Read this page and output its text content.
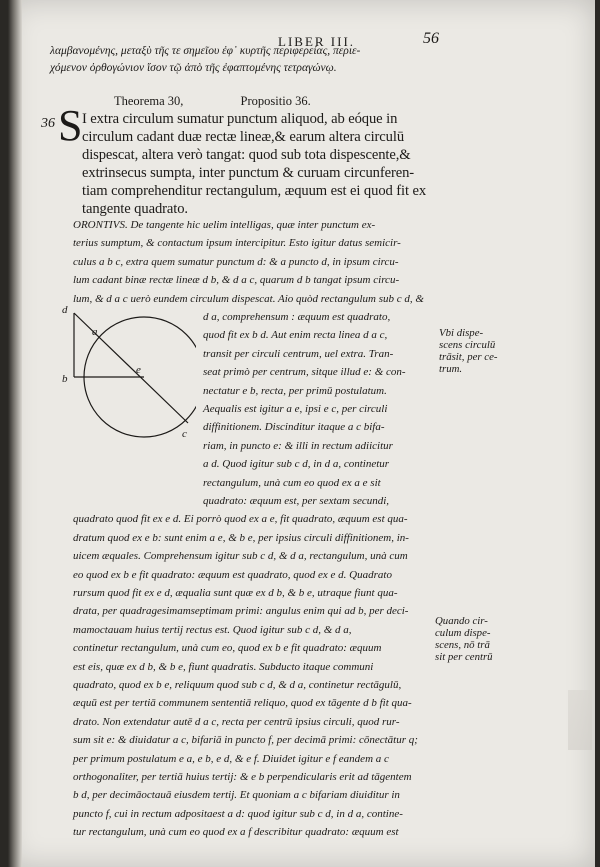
LIBER III.	56
λαμβανομένης, μεταξὺ τῆς τε σημεῖου ἐφ᾽ κυρτῆς περιφερείας, περιε-
χόμενον ὀρθογώνιον ἴσον τῷ ἀπὸ τῆς ἐφαπτομένης τετραγώνῳ.
Theorema 30,	Propositio 36.
36 S I extra circulum sumatur punctum aliquod, ab eóque in
circulum cadant duæ rectæ lineæ,& earum altera circulū
dispescat, altera verò tangat: quod sub tota dispescente,&
extrinsecus sumpta, inter punctum & curuam circunferen-
tiam comprehenditur rectangulum, æquum est ei quod fit ex
tangente quadrato.
d
a
b
e
c
ORONTIVS. De tangente hic uelim intelligas, quæ inter punctum ex-
terius sumptum, & contactum ipsum intercipitur. Esto igitur datus semicir-
culus a b c, extra quem sumatur punctum d: & a puncto d, in ipsum circu-
lum cadant binæ rectæ lineæ d b, & d a c, quarum d b tangat ipsum circu-
lum, & d a c uerò eundem circulum dispescat. Aio quòd rectangulum sub c d, &
d a, comprehensum : æquum est quadrato,
quod fit ex b d. Aut enim recta linea d a c,
transit per circuli centrum, uel extra. Tran-
seat primò per centrum, sitque illud e: & con-
nectatur e b, recta, per primū postulatum.
Aequalis est igitur a e, ipsi e c, per circuli
diffinitionem. Discinditur itaque a c bifa-
riam, in puncto e: & illi in rectum adiicitur
a d. Quod igitur sub c d, in d a, continetur
rectangulum, unà cum eo quod ex a e sit
quadrato: æquum est, per sextam secundi,
quadrato quod fit ex e d. Ei porrò quod ex a e, fit quadrato, æquum est qua-
dratum quod ex e b: sunt enim a e, & b e, per ipsius circuli diffinitionem, in-
uicem æquales. Comprehensum igitur sub c d, & d a, rectangulum, unà cum
eo quod ex b e fit quadrato: æquum est quadrato, quod ex e d. Quadrato
rursum quod fit ex e d, æqualia sunt quæ ex d b, & b e, utraque fiunt qua-
drata, per quadragesimamseptimam primi: angulus enim qui ad b, per deci-
mamoctauam huius tertij rectus est. Quod igitur sub c d, & d a,
continetur rectangulum, unà cum eo, quod ex b e fit quadrato: æquum
est eis, quæ ex d b, & b e, fiunt quadratis. Subducto itaque communi
quadrato, quod ex b e, reliquum quod sub c d, & d a, continetur rectāgulū,
æquū est per tertiā communem sententiā reliquo, quod ex tāgente d b fit qua-
drato. Non extendatur autē d a c, recta per centrū ipsius circuli, quod rur-
sum sit e: & diuidatur a c, bifariā in puncto f, per decimā primi: cōnectātur q;
per primum postulatum e a, e b, e d, & e f. Diuidet igitur e f eandem a c
orthogonaliter, per tertiā huius tertij: & e b perpendicularis erit ad tāgentem
b d, per decimāoctauā eiusdem tertij. Et quoniam a c bifariam diuiditur in
puncto f, cui in rectum adpositaest a d: quod igitur sub c d, in d a, contine-
tur rectangulum, unà cum eo quod ex a f describitur quadrato: æquum est
Vbi dispe-
scens circulū
trāsit, per ce-
trum.
Quando cir-
culum dispe-
scens, nō trā
sit per centrū
